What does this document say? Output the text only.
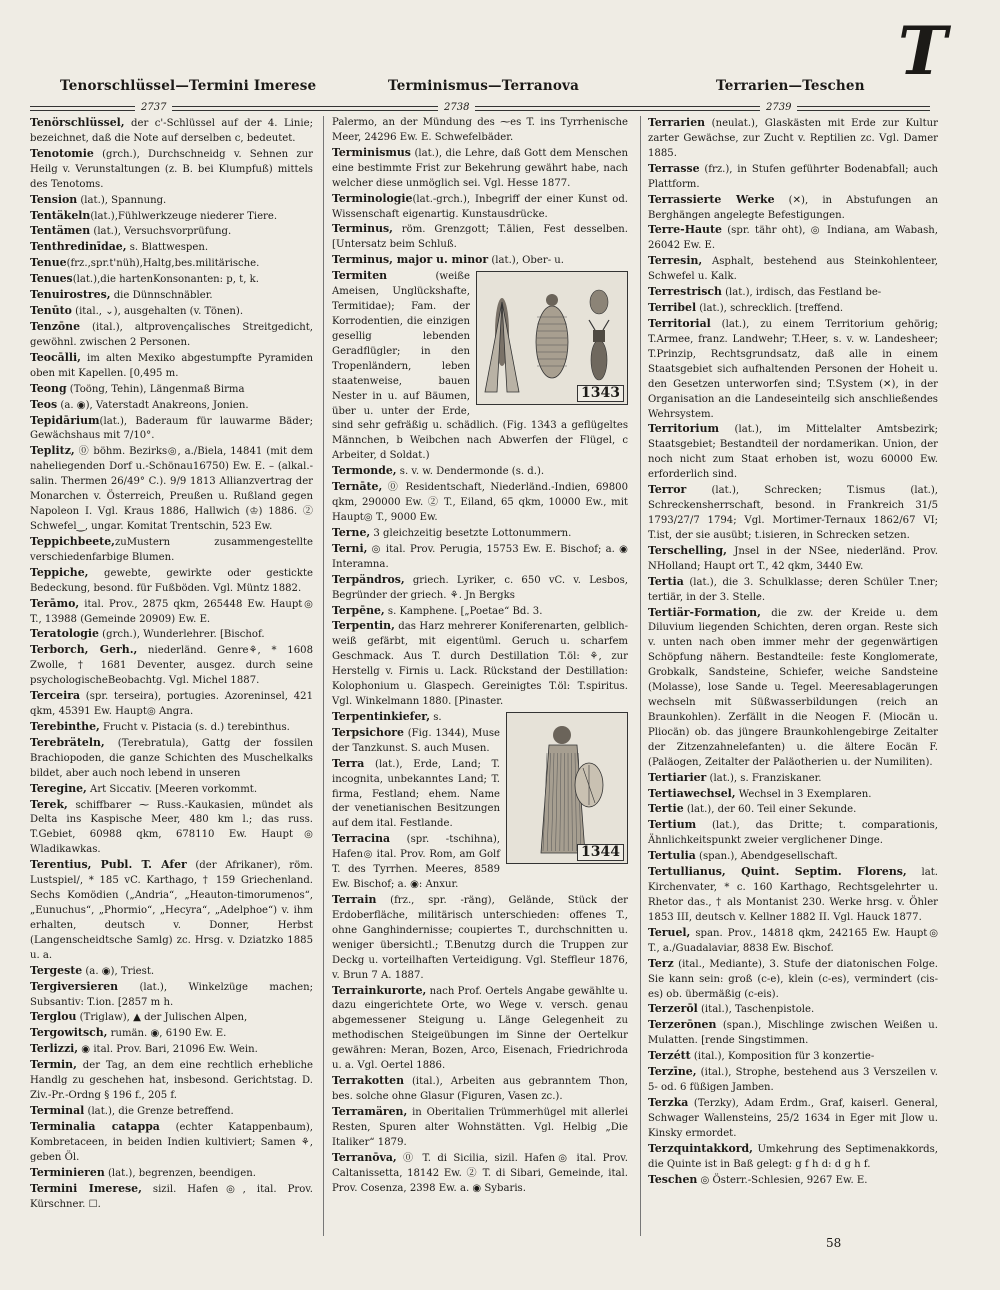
T
Tenorschlüssel—Termini Imerese	Terminismus—Terranova	Terrarien—Teschen
2737	2738	2739

Tenörschlüssel, der c'-Schlüssel auf der 4. Linie; bezeichnet, daß die Note auf derselben c, bedeutet.

Tenotomie (grch.), Durchschneidg v. Sehnen zur Heilg v. Verunstaltungen (z. B. bei Klumpfuß) mittels des Tenotoms.

Tension (lat.), Spannung.

Tentäkeln(lat.),Fühlwerkzeuge niederer Tiere.

Tentämen (lat.), Versuchsvorprüfung.

Tenthredinīdae, s. Blattwespen.

Tenue(frz.,spr.t'nüh),Haltg,bes.militärische.

Tenues(lat.),die hartenKonsonanten: p, t, k.

Tenuirostres, die Dünnschnäbler.

Tenūto (ital., ⌄), ausgehalten (v. Tönen).

Tenzōne (ital.), altprovençalisches Streitgedicht, gewöhnl. zwischen 2 Personen.

Teocālli, im alten Mexiko abgestumpfte Pyramiden oben mit Kapellen. [0,495 m.

Teong (Toöng, Tehin), Längenmaß Birma

Teos (a. ◉), Vaterstadt Anakreons, Jonien.

Tepidārium(lat.), Baderaum für lauwarme Bäder; Gewächshaus mit 7/10°.

Teplitz, ⓪ böhm. Bezirks◎, a./Biela, 14841 (mit dem naheliegenden Dorf u.-Schönau16750) Ew. E. – (alkal.-salin. Thermen 26/49° C.). 9/9 1813 Allianzvertrag der Monarchen v. Österreich, Preußen u. Rußland gegen Napoleon I. Vgl. Kraus 1886, Hallwich (♔) 1886. ② Schwefel‿, ungar. Komitat Trentschin, 523 Ew.

Teppichbeete,zuMustern zusammengestellte verschiedenfarbige Blumen.

Teppiche, gewebte, gewirkte oder gestickte Bedeckung, besond. für Fußböden. Vgl. Müntz 1882.

Terāmo, ital. Prov., 2875 qkm, 265448 Ew. Haupt◎ T., 13988 (Gemeinde 20909) Ew. E.

Teratologie (grch.), Wunderlehrer. [Bischof.

Terborch, Gerh., niederländ. Genre⚘, * 1608 Zwolle, † 1681 Deventer, ausgez. durch seine psychologischeBeobachtg. Vgl. Michel 1887.

Terceira (spr. terseira), portugies. Azoreninsel, 421 qkm, 45391 Ew. Haupt◎ Angra.

Terebinthe, Frucht v. Pistacia (s. d.) terebinthus.

Terebräteln, (Terebratula), Gattg der fossilen Brachiopoden, die ganze Schichten des Muschelkalks bildet, aber auch noch lebend in unseren

Teregine, Art Siccativ. [Meeren vorkommt.

Terek, schiffbarer ⁓ Russ.-Kaukasien, mündet als Delta ins Kaspische Meer, 480 km l.; das russ. T.Gebiet, 60988 qkm, 678110 Ew. Haupt◎ Wladikawkas.

Terentius, Publ. T. Afer (der Afrikaner), röm. Lustspiel/, * 185 vC. Karthago, † 159 Griechenland. Sechs Komödien („Andria“, „Heauton-timorumenos“, „Eunuchus“, „Phormio“, „Hecyra“, „Adelphoe“) v. ihm erhalten, deutsch v. Donner, Herbst (Langenscheidtsche Samlg) zc. Hrsg. v. Dziatzko 1885 u. a.

Tergeste (a. ◉), Triest.

Tergiversieren (lat.), Winkelzüge machen; Subsantiv: T.ion. [2857 m h.

Terglou (Triglaw), ▲ der Julischen Alpen,

Tergowitsch, rumän. ◉, 6190 Ew. E.

Terlizzi, ◉ ital. Prov. Bari, 21096 Ew. Wein.

Termin, der Tag, an dem eine rechtlich erhebliche Handlg zu geschehen hat, insbesond. Gerichtstag. D. Ziv.-Pr.-Ordng § 196 f., 205 f.

Terminal (lat.), die Grenze betreffend.

Terminalia catappa (echter Katappenbaum), Kombretaceen, in beiden Indien kultiviert; Samen ⚘, geben Öl.

Terminieren (lat.), begrenzen, beendigen.

Termini Imerese, sizil. Hafen◎, ital. Prov. Kürschner. ☐.

Palermo, an der Mündung des ⁓es T. ins Tyrrhenische Meer, 24296 Ew. E. Schwefelbäder.

Terminismus (lat.), die Lehre, daß Gott dem Menschen eine bestimmte Frist zur Bekehrung gewährt habe, nach welcher diese unmöglich sei. Vgl. Hesse 1877.

Terminologie(lat.-grch.), Inbegriff der einer Kunst od. Wissenschaft eigenartig. Kunstausdrücke.

Terminus, röm. Grenzgott; T.ālien, Fest desselben. [Untersatz beim Schluß.

Terminus, major u. minor (lat.), Ober- u.

Termiten
1343
(weiße Ameisen, Unglückshafte, Termitidae); Fam. der Korrodentien, die einzigen gesellig lebenden Geradflügler; in den Tropenländern, leben staatenweise, bauen Nester in u. auf Bäumen, über u. unter der Erde, sind sehr gefräßig u. schädlich. (Fig. 1343 a geflügeltes Männchen, b Weibchen nach Abwerfen der Flügel, c Arbeiter, d Soldat.)

Termonde, s. v. w. Dendermonde (s. d.).

Ternāte, ⓪ Residentschaft, Niederländ.-Indien, 69800 qkm, 290000 Ew. ② T., Eiland, 65 qkm, 10000 Ew., mit Haupt◎ T., 9000 Ew.

Terne, 3 gleichzeitig besetzte Lottonummern.

Terni, ◎ ital. Prov. Perugia, 15753 Ew. E. Bischof; a. ◉ Interamna.

Terpändros, griech. Lyriker, c. 650 vC. v. Lesbos, Begründer der griech. ⚘. Jn Bergks

Terpēne, s. Kamphene. [„Poetae“ Bd. 3.

Terpentin, das Harz mehrerer Koniferenarten, gelblich-weiß gefärbt, mit eigentüml. Geruch u. scharfem Geschmack. Aus T. durch Destillation T.öl: ⚘, zur Herstellg v. Firnis u. Lack. Rückstand der Destillation: Kolophonium u. Glaspech. Gereinigtes T.öl: T.spiritus. Vgl. Winkelmann 1880. [Pinaster.

1344

Terpentinkiefer, s.

Terpsichore (Fig. 1344), Muse der Tanzkunst. S. auch Musen.

Terra (lat.), Erde, Land; T. incognita, unbekanntes Land; T. firma, Festland; ehem. Name der venetianischen Besitzungen auf dem ital. Festlande.

Terracina (spr. -tschihna), Hafen◎ ital. Prov. Rom, am Golf T. des Tyrrhen. Meeres, 8589 Ew. Bischof; a. ◉: Anxur.

Terrain (frz., spr. -räng), Gelände, Stück der Erdoberfläche, militärisch unterschieden: offenes T., ohne Ganghindernisse; coupiertes T., durchschnitten u. weniger übersichtl.; T.Benutzg durch die Truppen zur Deckg u. vorteilhaften Verteidigung. Vgl. Steffleur 1876, v. Brun 7 A. 1887.

Terrainkurorte, nach Prof. Oertels Angabe gewählte u. dazu eingerichtete Orte, wo Wege v. versch. genau abgemessener Steigung u. Länge Gelegenheit zu methodischen Steigeübungen im Sinne der Oertelkur gewähren: Meran, Bozen, Arco, Eisenach, Friedrichroda u. a. Vgl. Oertel 1886.

Terrakotten (ital.), Arbeiten aus gebranntem Thon, bes. solche ohne Glasur (Figuren, Vasen zc.).

Terramären, in Oberitalien Trümmerhügel mit allerlei Resten, Spuren alter Wohnstätten. Vgl. Helbig „Die Italiker“ 1879.

Terranōva, ⓪ T. di Sicilia, sizil. Hafen◎ ital. Prov. Caltanissetta, 18142 Ew. ② T. di Sibari, Gemeinde, ital. Prov. Cosenza, 2398 Ew. a. ◉ Sybaris.

Terrarien (neulat.), Glaskästen mit Erde zur Kultur zarter Gewächse, zur Zucht v. Reptilien zc. Vgl. Damer 1885.

Terrasse (frz.), in Stufen geführter Bodenabfall; auch Plattform.

Terrassierte Werke (✕), in Abstufungen an Berghängen angelegte Befestigungen.

Terre-Haute (spr. tähr oht), ◎ Indiana, am Wabash, 26042 Ew. E.

Terresin, Asphalt, bestehend aus Steinkohlenteer, Schwefel u. Kalk.

Terrestrisch (lat.), irdisch, das Festland be-

Terribel (lat.), schrecklich. [treffend.

Territorial (lat.), zu einem Territorium gehörig; T.Armee, franz. Landwehr; T.Heer, s. v. w. Landesheer; T.Prinzip, Rechtsgrundsatz, daß alle in einem Staatsgebiet sich aufhaltenden Personen der Hoheit u. den Gesetzen unterworfen sind; T.System (✕), in der Organisation an die Landeseinteilg sich anschließendes Wehrsystem.

Territorium (lat.), im Mittelalter Amtsbezirk; Staatsgebiet; Bestandteil der nordamerikan. Union, der noch nicht zum Staat erhoben ist, wozu 60000 Ew. erforderlich sind.

Terror (lat.), Schrecken; T.ismus (lat.), Schreckensherrschaft, besond. in Frankreich 31/5 1793/27/7 1794; Vgl. Mortimer-Ternaux 1862/67 VI; T.ist, der sie ausübt; t.isieren, in Schrecken setzen.

Terschelling, Jnsel in der NSee, niederländ. Prov. NHolland; Haupt ort T., 42 qkm, 3440 Ew.

Tertia (lat.), die 3. Schulklasse; deren Schüler T.ner; tertiär, in der 3. Stelle.

Tertiär-Formation, die zw. der Kreide u. dem Diluvium liegenden Schichten, deren organ. Reste sich v. unten nach oben immer mehr der gegenwärtigen Schöpfung nähern. Bestandteile: feste Konglomerate, Grobkalk, Sandsteine, Schiefer, weiche Sandsteine (Molasse), lose Sande u. Tegel. Meeresablagerungen wechseln mit Süßwasserbildungen (reich an Braunkohlen). Zerfällt in die Neogen F. (Miocän u. Pliocän) ob. das jüngere Braunkohlengebirge Zeitalter der Zitzenzahnelefanten) u. die ältere Eocän F. (Paläogen, Zeitalter der Paläotherien u. der Numiliten).

Tertiarier (lat.), s. Franziskaner.

Tertiawechsel, Wechsel in 3 Exemplaren.

Tertie (lat.), der 60. Teil einer Sekunde.

Tertium (lat.), das Dritte; t. comparationis, Ähnlichkeitspunkt zweier verglichener Dinge.

Tertulia (span.), Abendgesellschaft.

Tertullianus, Quint. Septim. Florens, lat. Kirchenvater, * c. 160 Karthago, Rechtsgelehrter u. Rhetor das., † als Montanist 230. Werke hrsg. v. Öhler 1853 III, deutsch v. Kellner 1882 II. Vgl. Hauck 1877.

Teruel, span. Prov., 14818 qkm, 242165 Ew. Haupt◎ T., a./Guadalaviar, 8838 Ew. Bischof.

Terz (ital., Mediante), 3. Stufe der diatonischen Folge. Sie kann sein: groß (c-e), klein (c-es), vermindert (cis-es) ob. übermäßig (c-eis).

Terzerōl (ital.), Taschenpistole.

Terzerōnen (span.), Mischlinge zwischen Weißen u. Mulatten. [rende Singstimmen.

Terzétt (ital.), Komposition für 3 konzertie-

Terzīne, (ital.), Strophe, bestehend aus 3 Verszeilen v. 5- od. 6 füßigen Jamben.

Terzka (Terzky), Adam Erdm., Graf, kaiserl. General, Schwager Wallensteins, 25/2 1634 in Eger mit Jlow u. Kinsky ermordet.

Terzquintakkord, Umkehrung des Septimenakkords, die Quinte ist in Baß gelegt: g f h d: d g h f.

Teschen ◎ Österr.-Schlesien, 9267 Ew. E.

58
